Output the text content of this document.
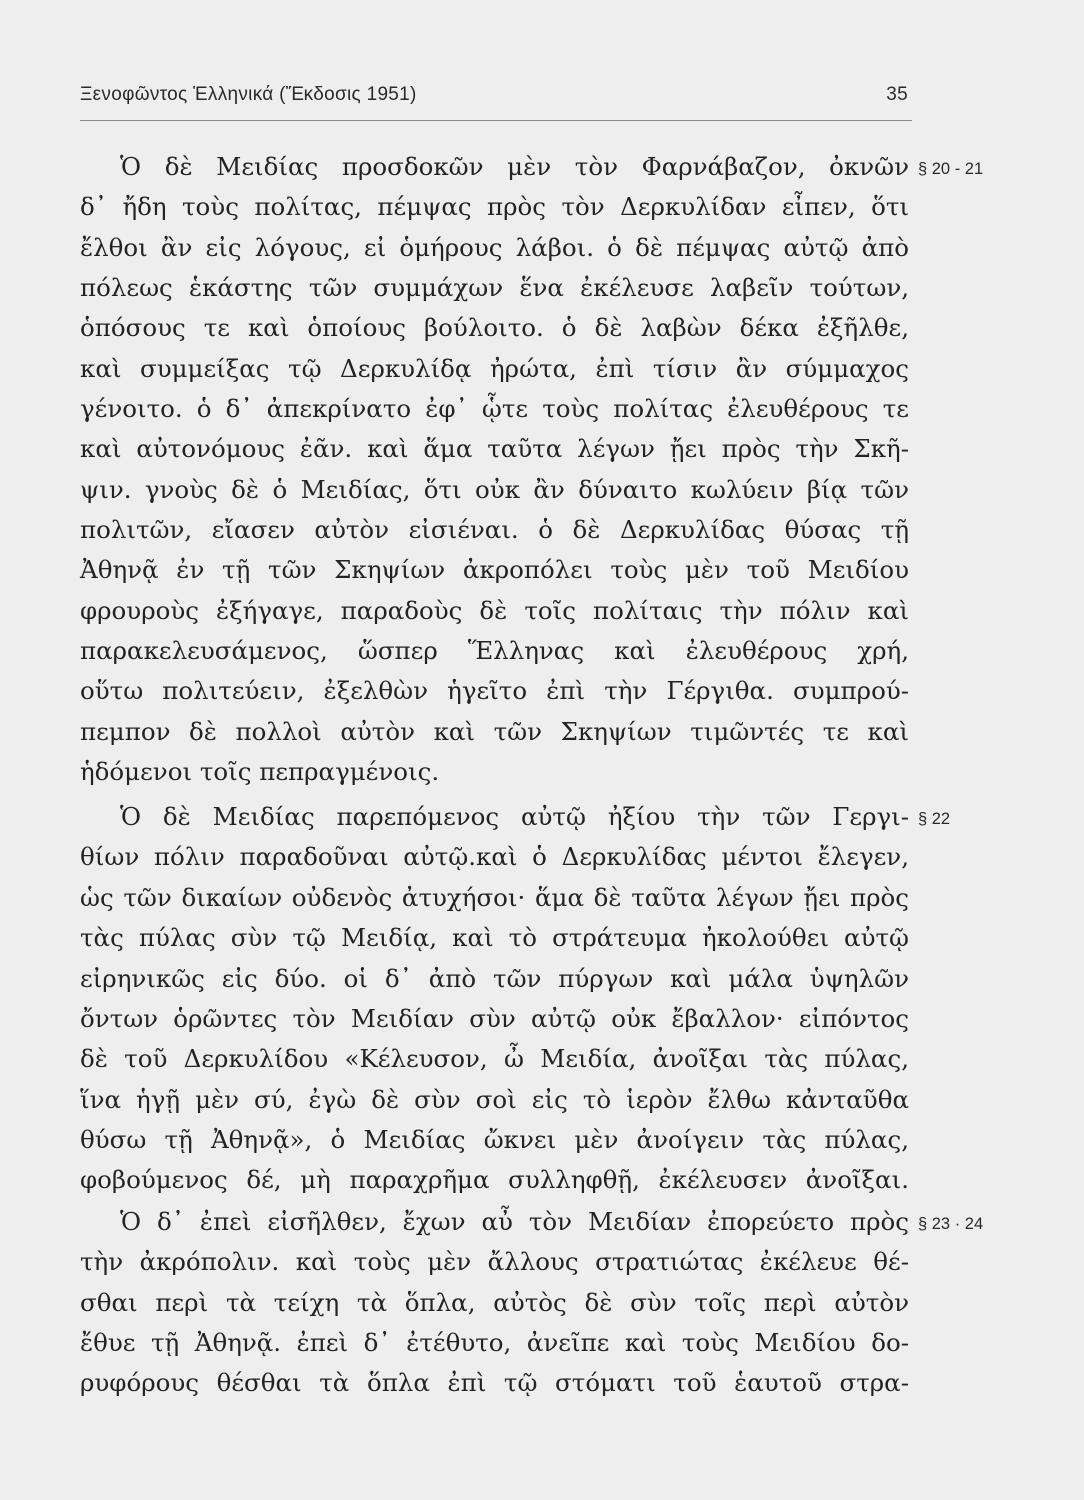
Ξενοφῶντος Ἑλληνικά (Ἔκδοσις 1951)	35
§ 20 - 21
§ 22
§ 23 · 24
Ὁ δὲ Μειδίας προσδοκῶν μὲν τὸν Φαρνάβαζον, ὀκνῶν
δ᾽ ἤδη τοὺς πολίτας, πέμψας πρὸς τὸν Δερκυλίδαν εἶπεν, ὅτι
ἔλθοι ἂν εἰς λόγους, εἰ ὁμήρους λάβοι. ὁ δὲ πέμψας αὐτῷ ἀπὸ
πόλεως ἑκάστης τῶν συμμάχων ἕνα ἐκέλευσε λαβεῖν τούτων,
ὁπόσους τε καὶ ὁποίους βούλοιτο. ὁ δὲ λαβὼν δέκα ἐξῆλθε,
καὶ συμμείξας τῷ Δερκυλίδᾳ ἠρώτα, ἐπὶ τίσιν ἂν σύμμαχος
γένοιτο. ὁ δ᾽ ἀπεκρίνατο ἐφ᾽ ᾧτε τοὺς πολίτας ἐλευθέρους τε
καὶ αὐτονόμους ἐᾶν. καὶ ἅμα ταῦτα λέγων ᾔει πρὸς τὴν Σκῆ-
ψιν. γνοὺς δὲ ὁ Μειδίας, ὅτι οὐκ ἂν δύναιτο κωλύειν βίᾳ τῶν
πολιτῶν, εἴασεν αὐτὸν εἰσιέναι. ὁ δὲ Δερκυλίδας θύσας τῇ
Ἀθηνᾷ ἐν τῇ τῶν Σκηψίων ἀκροπόλει τοὺς μὲν τοῦ Μειδίου
φρουροὺς ἐξήγαγε, παραδοὺς δὲ τοῖς πολίταις τὴν πόλιν καὶ
παρακελευσάμενος, ὥσπερ Ἕλληνας καὶ ἐλευθέρους χρή,
οὕτω πολιτεύειν, ἐξελθὼν ἡγεῖτο ἐπὶ τὴν Γέργιθα. συμπρού-
πεμπον δὲ πολλοὶ αὐτὸν καὶ τῶν Σκηψίων τιμῶντές τε καὶ
ἡδόμενοι τοῖς πεπραγμένοις.
Ὁ δὲ Μειδίας παρεπόμενος αὐτῷ ἠξίου τὴν τῶν Γεργι-
θίων πόλιν παραδοῦναι αὐτῷ.καὶ ὁ Δερκυλίδας μέντοι ἔλεγεν,
ὡς τῶν δικαίων οὐδενὸς ἀτυχήσοι· ἅμα δὲ ταῦτα λέγων ᾔει πρὸς
τὰς πύλας σὺν τῷ Μειδίᾳ, καὶ τὸ στράτευμα ἠκολούθει αὐτῷ
εἰρηνικῶς εἰς δύο. οἱ δ᾽ ἀπὸ τῶν πύργων καὶ μάλα ὑψηλῶν
ὄντων ὁρῶντες τὸν Μειδίαν σὺν αὐτῷ οὐκ ἔβαλλον· εἰπόντος
δὲ τοῦ Δερκυλίδου «Κέλευσον, ὦ Μειδία, ἀνοῖξαι τὰς πύλας,
ἵνα ἡγῇ μὲν σύ, ἐγὼ δὲ σὺν σοὶ εἰς τὸ ἱερὸν ἔλθω κἀνταῦθα
θύσω τῇ Ἀθηνᾷ», ὁ Μειδίας ὤκνει μὲν ἀνοίγειν τὰς πύλας,
φοβούμενος δέ, μὴ παραχρῆμα συλληφθῇ, ἐκέλευσεν ἀνοῖξαι.
Ὁ δ᾽ ἐπεὶ εἰσῆλθεν, ἔχων αὖ τὸν Μειδίαν ἐπορεύετο πρὸς
τὴν ἀκρόπολιν. καὶ τοὺς μὲν ἄλλους στρατιώτας ἐκέλευε θέ-
σθαι περὶ τὰ τείχη τὰ ὅπλα, αὐτὸς δὲ σὺν τοῖς περὶ αὐτὸν
ἔθυε τῇ Ἀθηνᾷ. ἐπεὶ δ᾽ ἐτέθυτο, ἀνεῖπε καὶ τοὺς Μειδίου δο-
ρυφόρους θέσθαι τὰ ὅπλα ἐπὶ τῷ στόματι τοῦ ἑαυτοῦ στρα-
